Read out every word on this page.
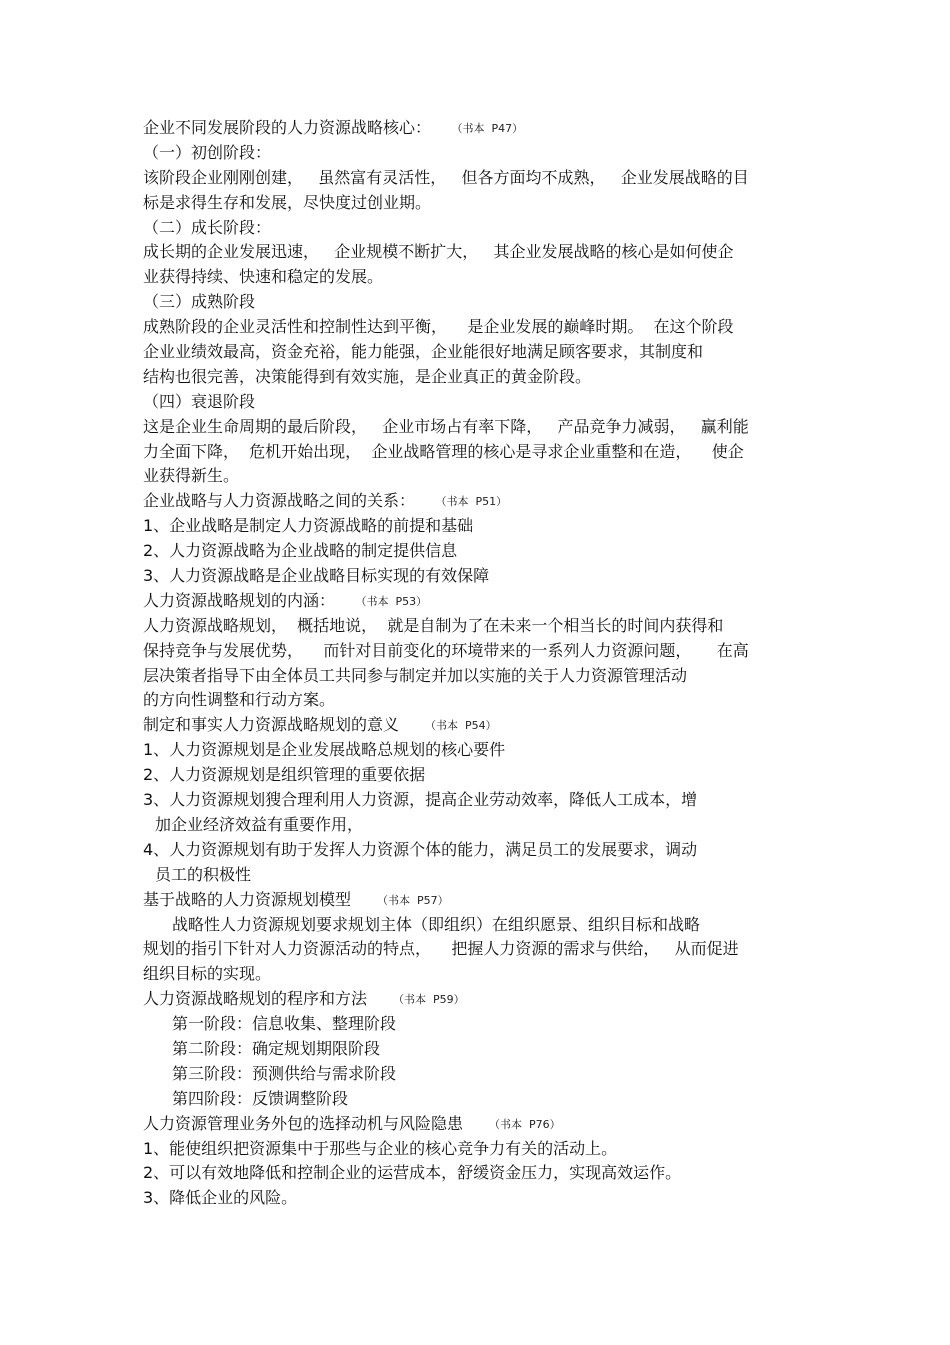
企业不同发展阶段的人力资源战略核心： （书本  P47）
（一）初创阶段：
该阶段企业刚刚创建，   虽然富有灵活性，   但各方面均不成熟，   企业发展战略的目
标是求得生存和发展，尽快度过创业期。
（二）成长阶段：
成长期的企业发展迅速，   企业规模不断扩大，   其企业发展战略的核心是如何使企
业获得持续、快速和稳定的发展。
（三）成熟阶段
成熟阶段的企业灵活性和控制性达到平衡，    是企业发展的巅峰时期。  在这个阶段
企业业绩效最高，资金充裕，能力能强，企业能很好地满足顾客要求，其制度和
结构也很完善，决策能得到有效实施，是企业真正的黄金阶段。
（四）衰退阶段
这是企业生命周期的最后阶段，   企业市场占有率下降，   产品竞争力减弱，   赢利能
力全面下降，  危机开始出现，  企业战略管理的核心是寻求企业重整和在造，    使企
业获得新生。
企业战略与人力资源战略之间的关系： （书本  P51）
1、企业战略是制定人力资源战略的前提和基础
2、人力资源战略为企业战略的制定提供信息
3、人力资源战略是企业战略目标实现的有效保障
人力资源战略规划的内涵： （书本  P53）
人力资源战略规划，  概括地说，  就是自制为了在未来一个相当长的时间内获得和
保持竞争与发展优势，    而针对目前变化的环境带来的一系列人力资源问题，     在高
层决策者指导下由全体员工共同参与制定并加以实施的关于人力资源管理活动
的方向性调整和行动方案。
制定和事实人力资源战略规划的意义 （书本  P54）
1、人力资源规划是企业发展战略总规划的核心要件
2、人力资源规划是组织管理的重要依据
3、人力资源规划獀合理利用人力资源，提高企业劳动效率，降低人工成本，增
加企业经济效益有重要作用，
4、人力资源规划有助于发挥人力资源个体的能力，满足员工的发展要求，调动
员工的积极性
基于战略的人力资源规划模型 （书本  P57）
战略性人力资源规划要求规划主体（即组织）在组织愿景、组织目标和战略
规划的指引下针对人力资源活动的特点，    把握人力资源的需求与供给，   从而促进
组织目标的实现。
人力资源战略规划的程序和方法 （书本  P59）
第一阶段：信息收集、整理阶段
第二阶段：确定规划期限阶段
第三阶段：预测供给与需求阶段
第四阶段：反馈调整阶段
人力资源管理业务外包的选择动机与风险隐患 （书本  P76）
1、能使组织把资源集中于那些与企业的核心竞争力有关的活动上。
2、可以有效地降低和控制企业的运营成本，舒缓资金压力，实现高效运作。
3、降低企业的风险。
